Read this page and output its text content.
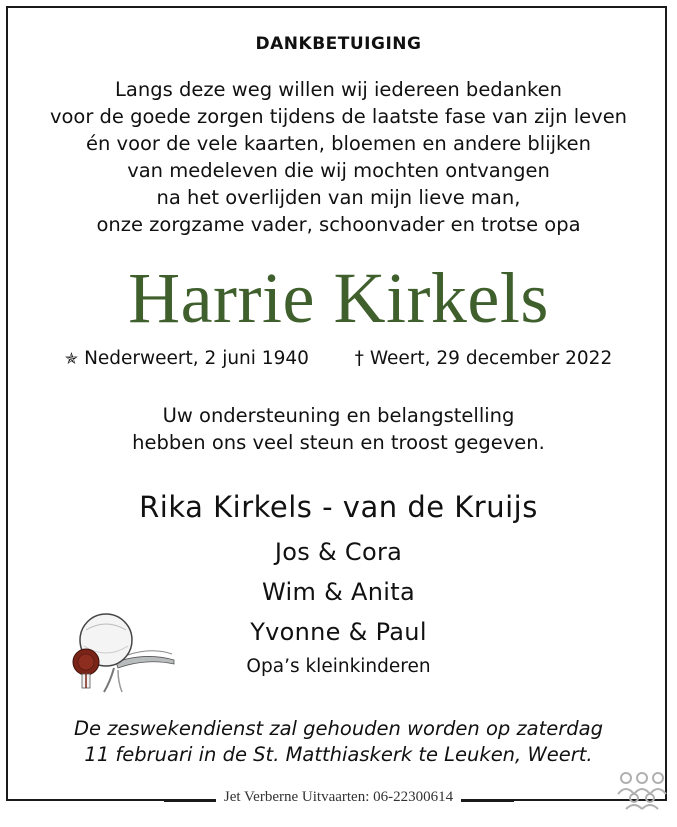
DANKBETUIGING
Langs deze weg willen wij iedereen bedanken
voor de goede zorgen tijdens de laatste fase van zijn leven
én voor de vele kaarten, bloemen en andere blijken
van medeleven die wij mochten ontvangen
na het overlijden van mijn lieve man,
onze zorgzame vader, schoonvader en trotse opa
Harrie Kirkels
✯ Nederweert, 2 juni 1940 † Weert, 29 december 2022
Uw ondersteuning en belangstelling
hebben ons veel steun en troost gegeven.
Rika Kirkels - van de Kruijs
Jos & Cora
Wim & Anita
Yvonne & Paul
Opa’s kleinkinderen
De zeswekendienst zal gehouden worden op zaterdag
11 februari in de St. Matthiaskerk te Leuken, Weert.
Jet Verberne Uitvaarten: 06-22300614
